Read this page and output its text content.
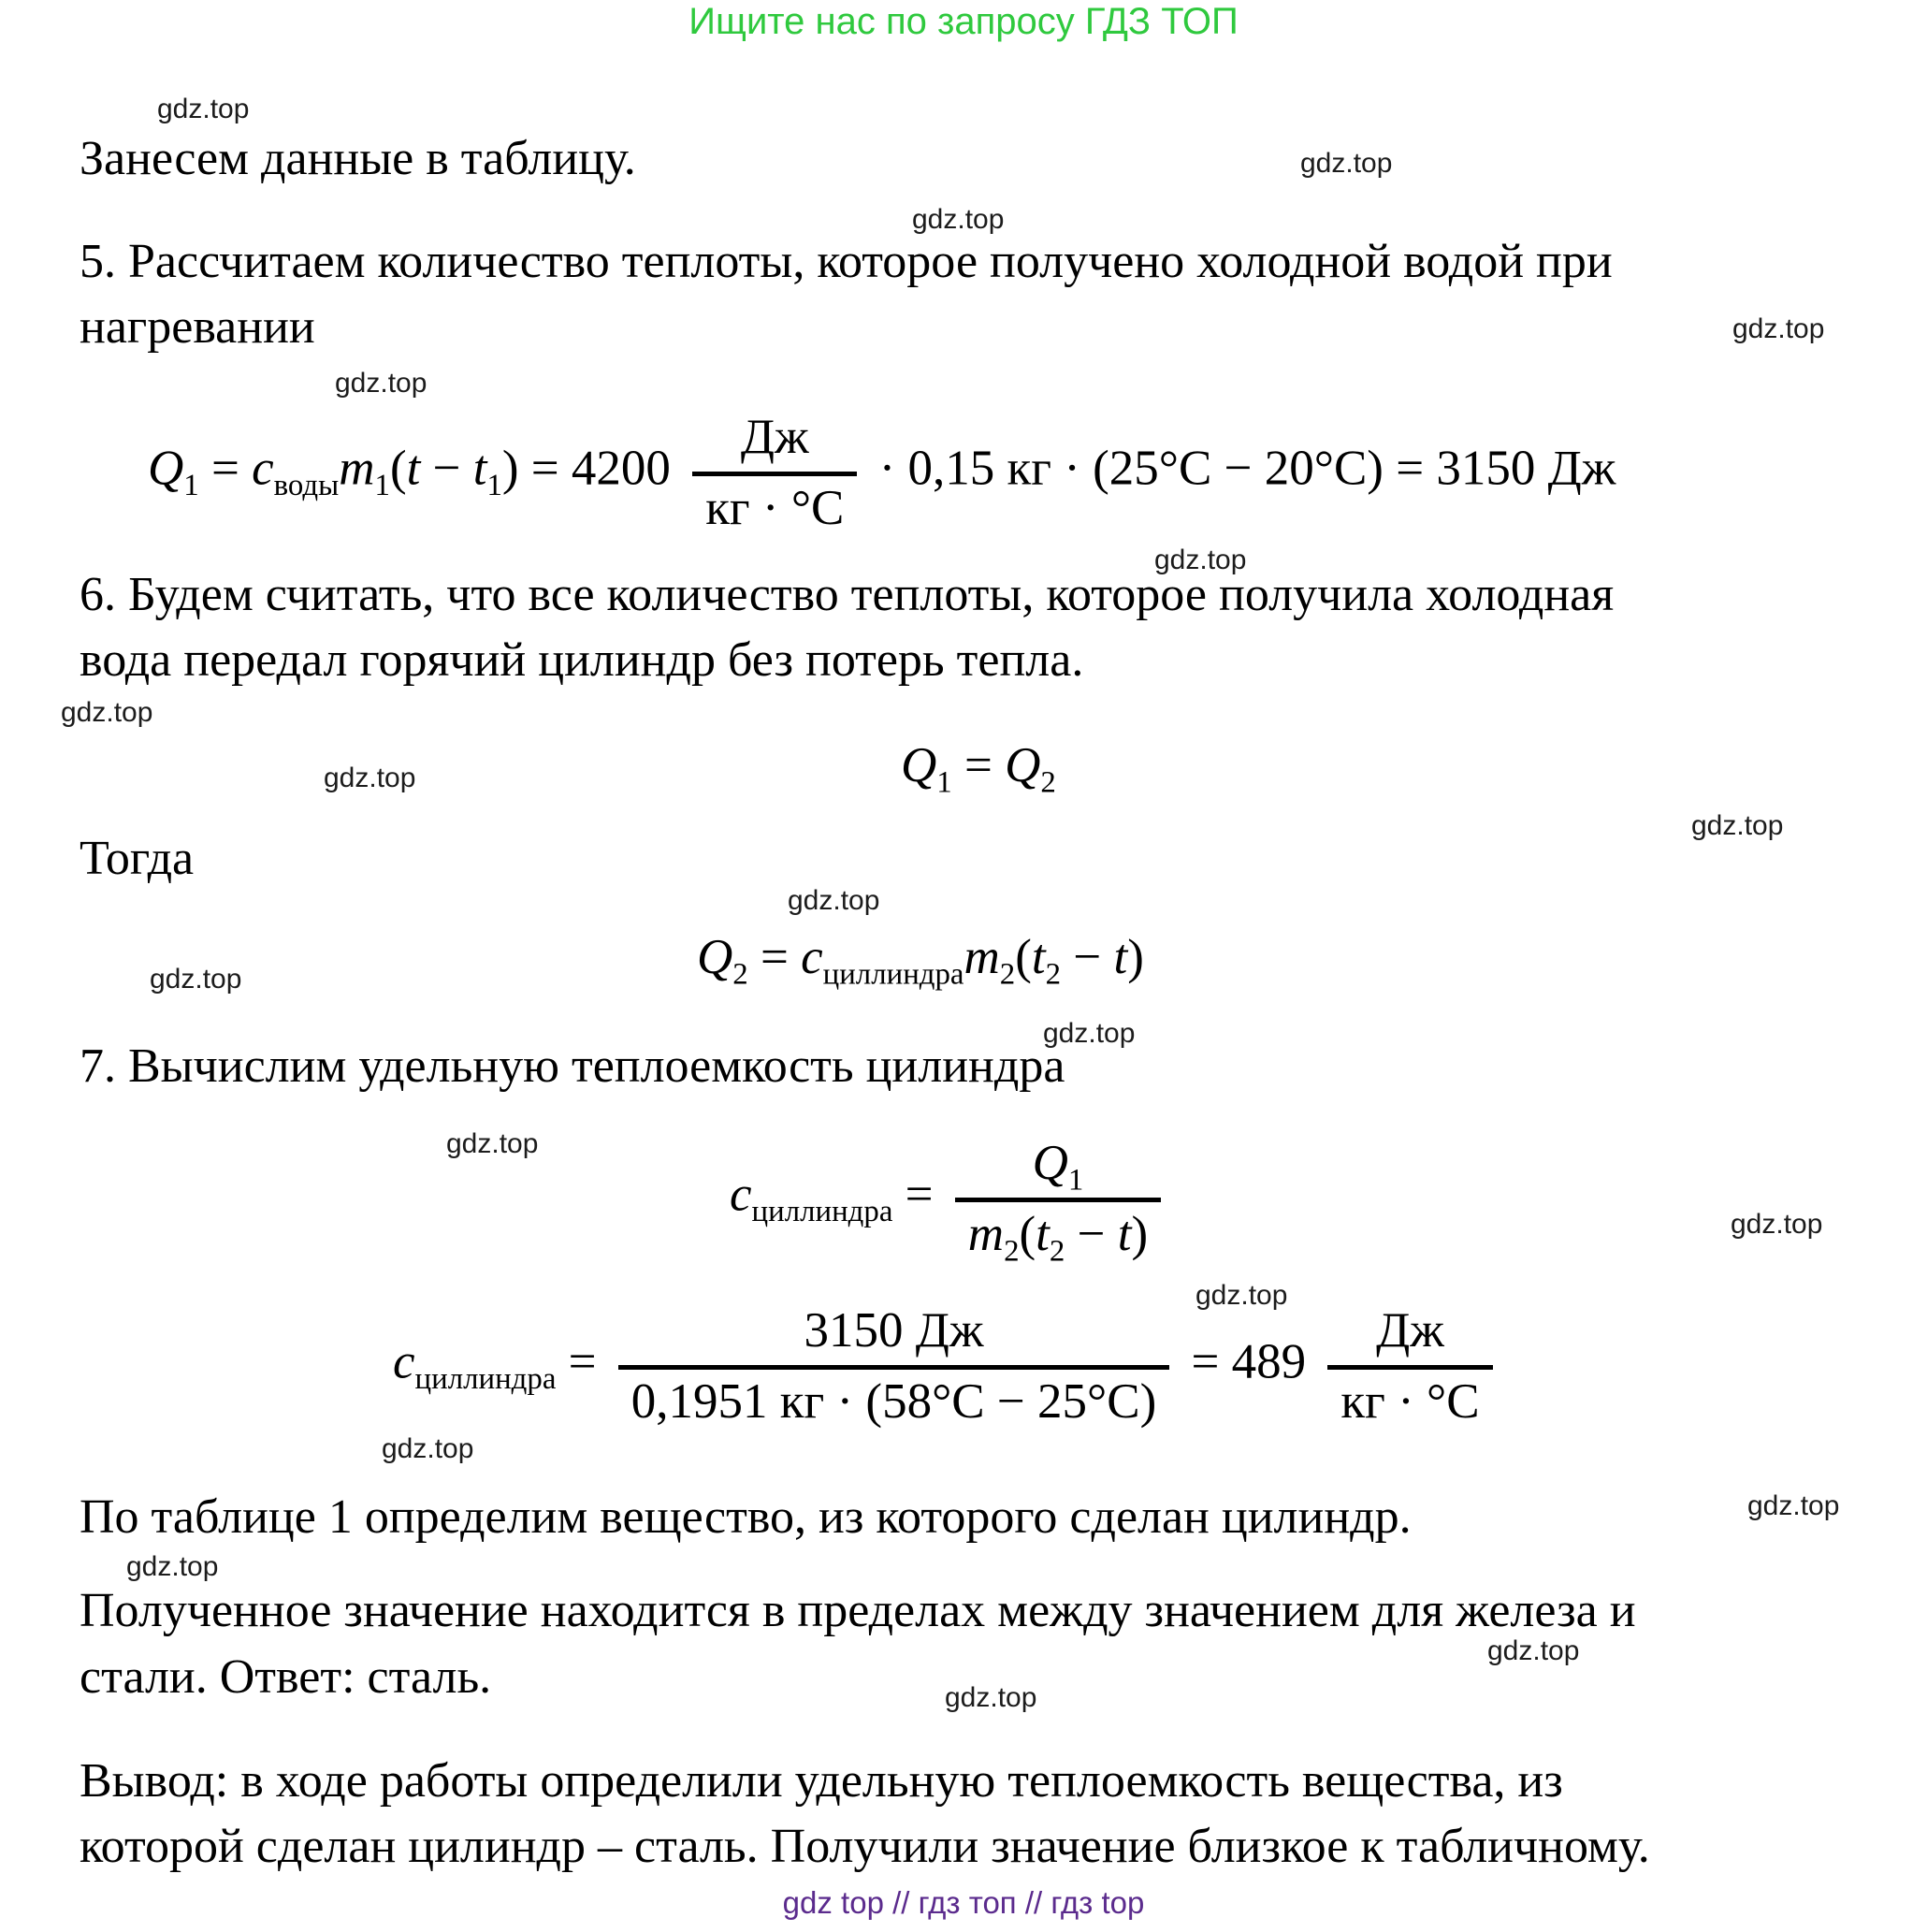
Ищите нас по запросу ГДЗ ТОП
gdz.top
gdz.top
gdz.top
gdz.top
gdz.top
gdz.top
gdz.top
gdz.top
gdz.top
gdz.top
gdz.top
gdz.top
gdz.top
gdz.top
gdz.top
gdz.top
gdz.top
gdz.top
gdz.top
gdz.top
Занесем данные в таблицу.
5. Рассчитаем количество теплоты, которое получено холодной водой при
нагревании
$Q_1 = c_{воды}m_1(t - t_1) = 4200 \frac{Дж}{кг \cdot ^\circ С} \cdot 0,15$ кг · (25°С − 20°С) = 3150 Дж
6. Будем считать, что все количество теплоты, которое получила холодная
вода передал горячий цилиндр без потерь тепла.
$Q_1 = Q_2$
Тогда
$Q_2 = c_{циллиндра}m_2(t_2 - t)$
7. Вычислим удельную теплоемкость цилиндра
$c_{циллиндра} = \frac{Q_1}{m_2(t_2 - t)}$
$c_{циллиндра} = \frac{3150 Дж}{0,1951 кг \cdot (58^\circ С - 25^\circ С)} = 489 \frac{Дж}{кг \cdot ^\circ С}$
По таблице 1 определим вещество, из которого сделан цилиндр.
Полученное значение находится в пределах между значением для железа и
стали. Ответ: сталь.
Вывод: в ходе работы определили удельную теплоемкость вещества, из
которой сделан цилиндр – сталь. Получили значение близкое к табличному.
gdz top // гдз топ // гдз top
